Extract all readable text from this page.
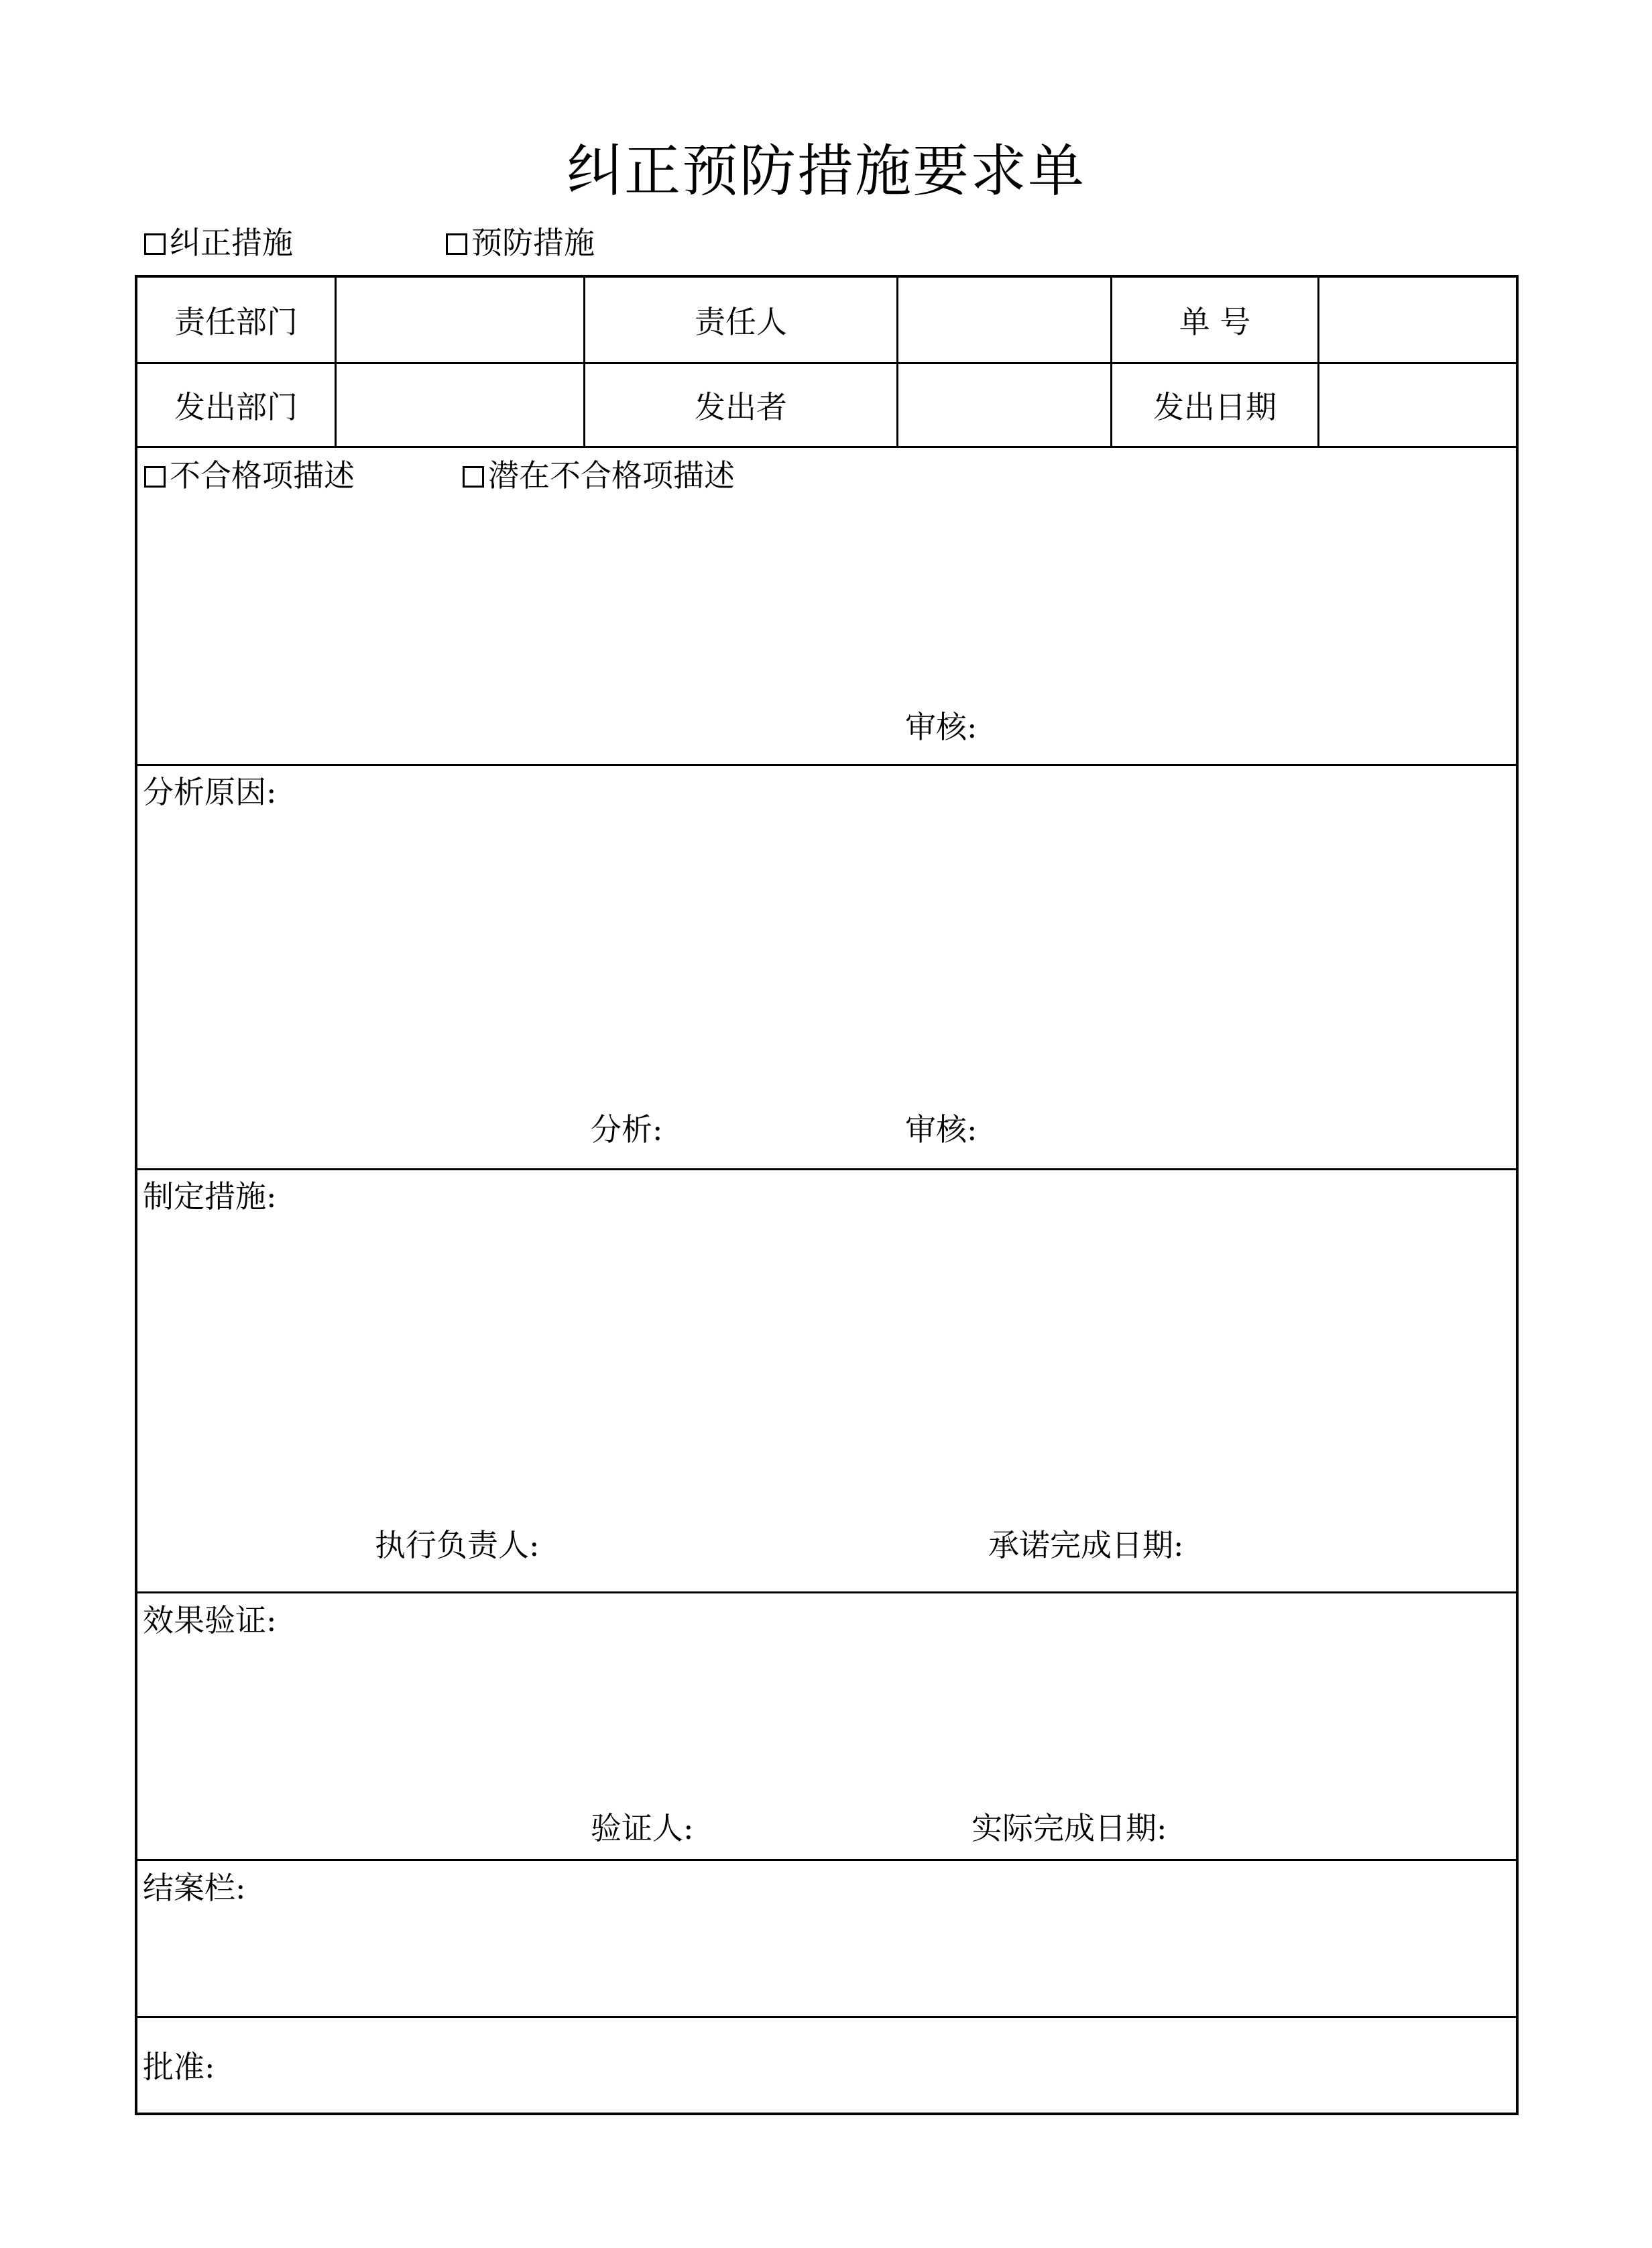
纠正预防措施要求单
纠正措施	预防措施
责任部门	责任人	单 号
发出部门	发出者	发出日期
不合格项描述	潜在不合格项描述
审核:
分析原因:
分析:	审核:
制定措施:
执行负责人:	承诺完成日期:
效果验证:
验证人:	实际完成日期:
结案栏:
批准:
